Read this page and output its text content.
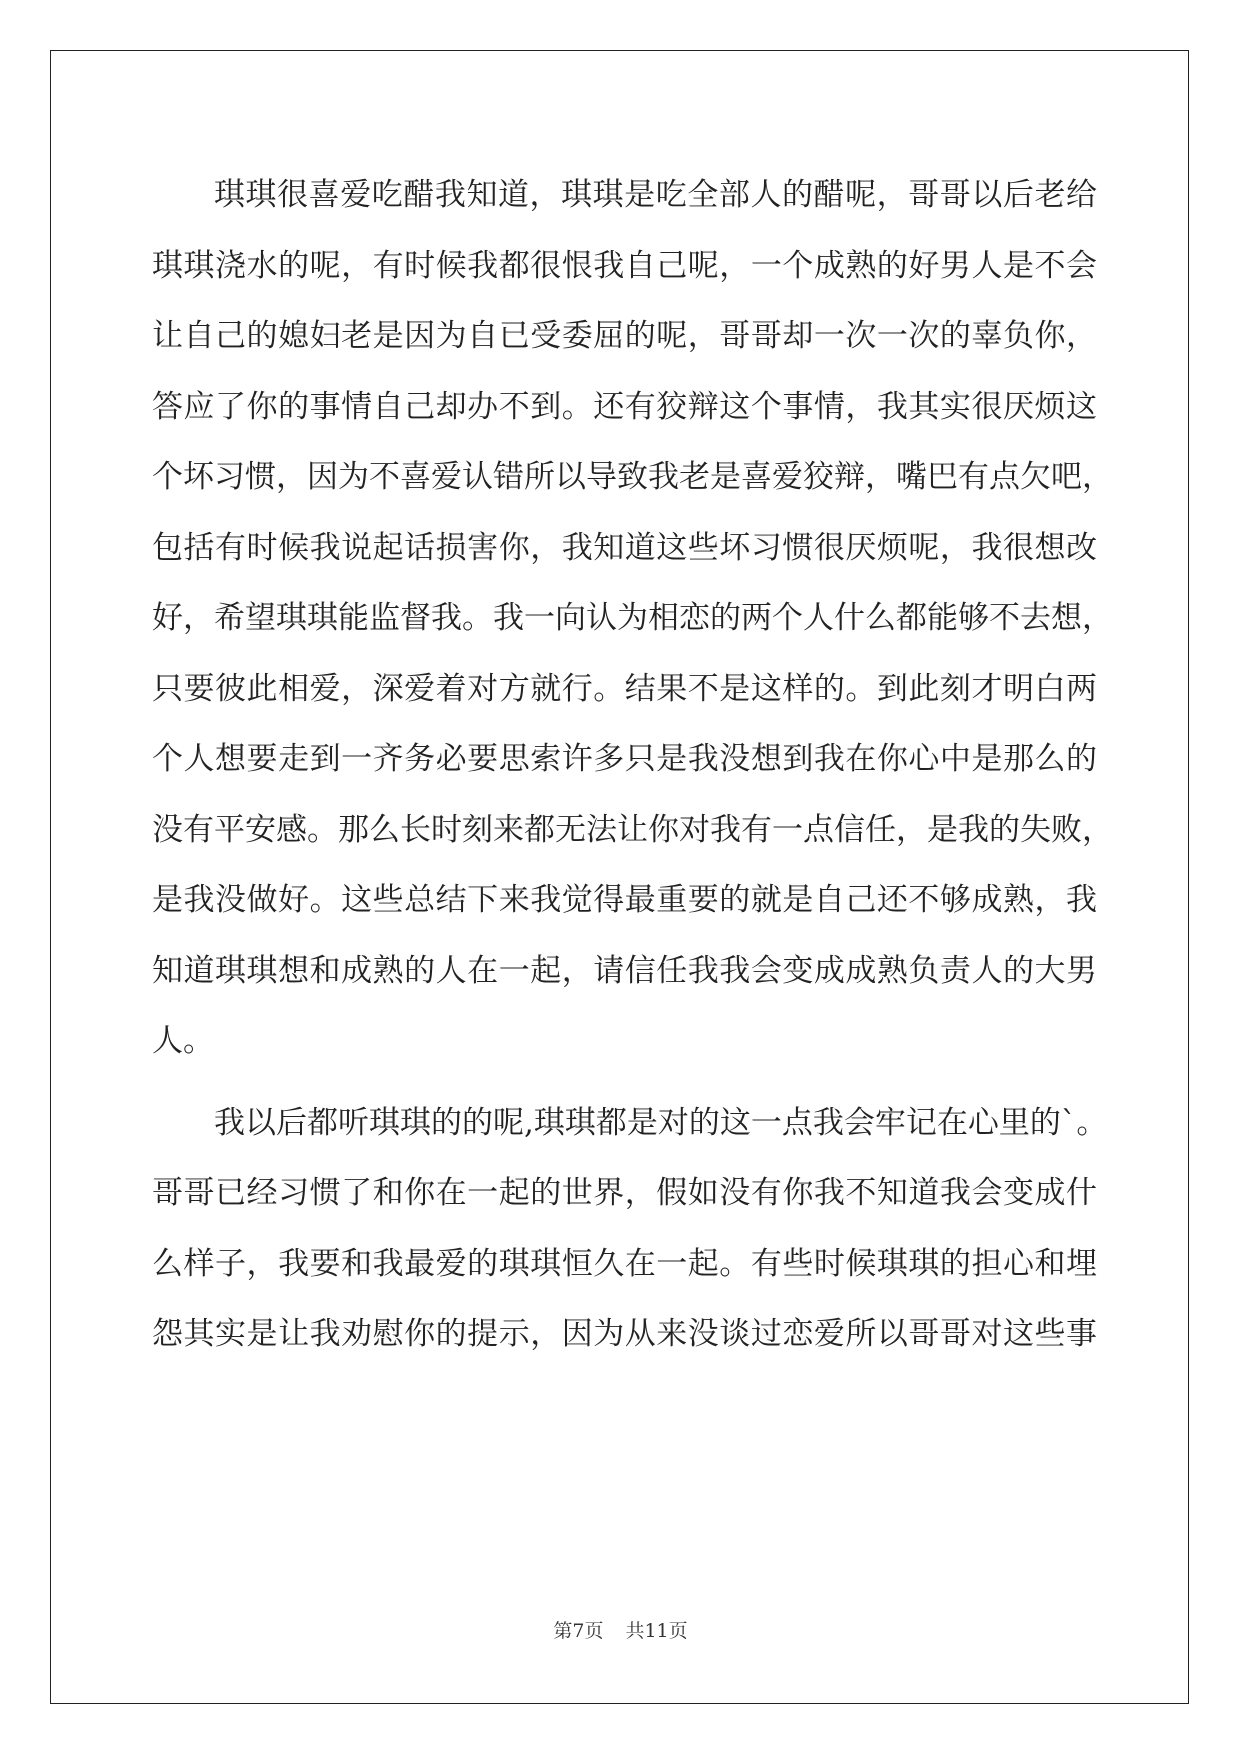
琪琪很喜爱吃醋我知道，琪琪是吃全部人的醋呢，哥哥以后老给
琪琪浇水的呢，有时候我都很恨我自己呢，一个成熟的好男人是不会
让自己的媳妇老是因为自已受委屈的呢，哥哥却一次一次的辜负你，
答应了你的事情自己却办不到。还有狡辩这个事情，我其实很厌烦这
个坏习惯，因为不喜爱认错所以导致我老是喜爱狡辩，嘴巴有点欠吧，
包括有时候我说起话损害你，我知道这些坏习惯很厌烦呢，我很想改
好，希望琪琪能监督我。我一向认为相恋的两个人什么都能够不去想，
只要彼此相爱，深爱着对方就行。结果不是这样的。到此刻才明白两
个人想要走到一齐务必要思索许多只是我没想到我在你心中是那么的
没有平安感。那么长时刻来都无法让你对我有一点信任，是我的失败，
是我没做好。这些总结下来我觉得最重要的就是自己还不够成熟，我
知道琪琪想和成熟的人在一起，请信任我我会变成成熟负责人的大男
人。
我以后都听琪琪的的呢,琪琪都是对的这一点我会牢记在心里的`。
哥哥已经习惯了和你在一起的世界，假如没有你我不知道我会变成什
么样子，我要和我最爱的琪琪恒久在一起。有些时候琪琪的担心和埋
怨其实是让我劝慰你的提示，因为从来没谈过恋爱所以哥哥对这些事
第7页 共11页
